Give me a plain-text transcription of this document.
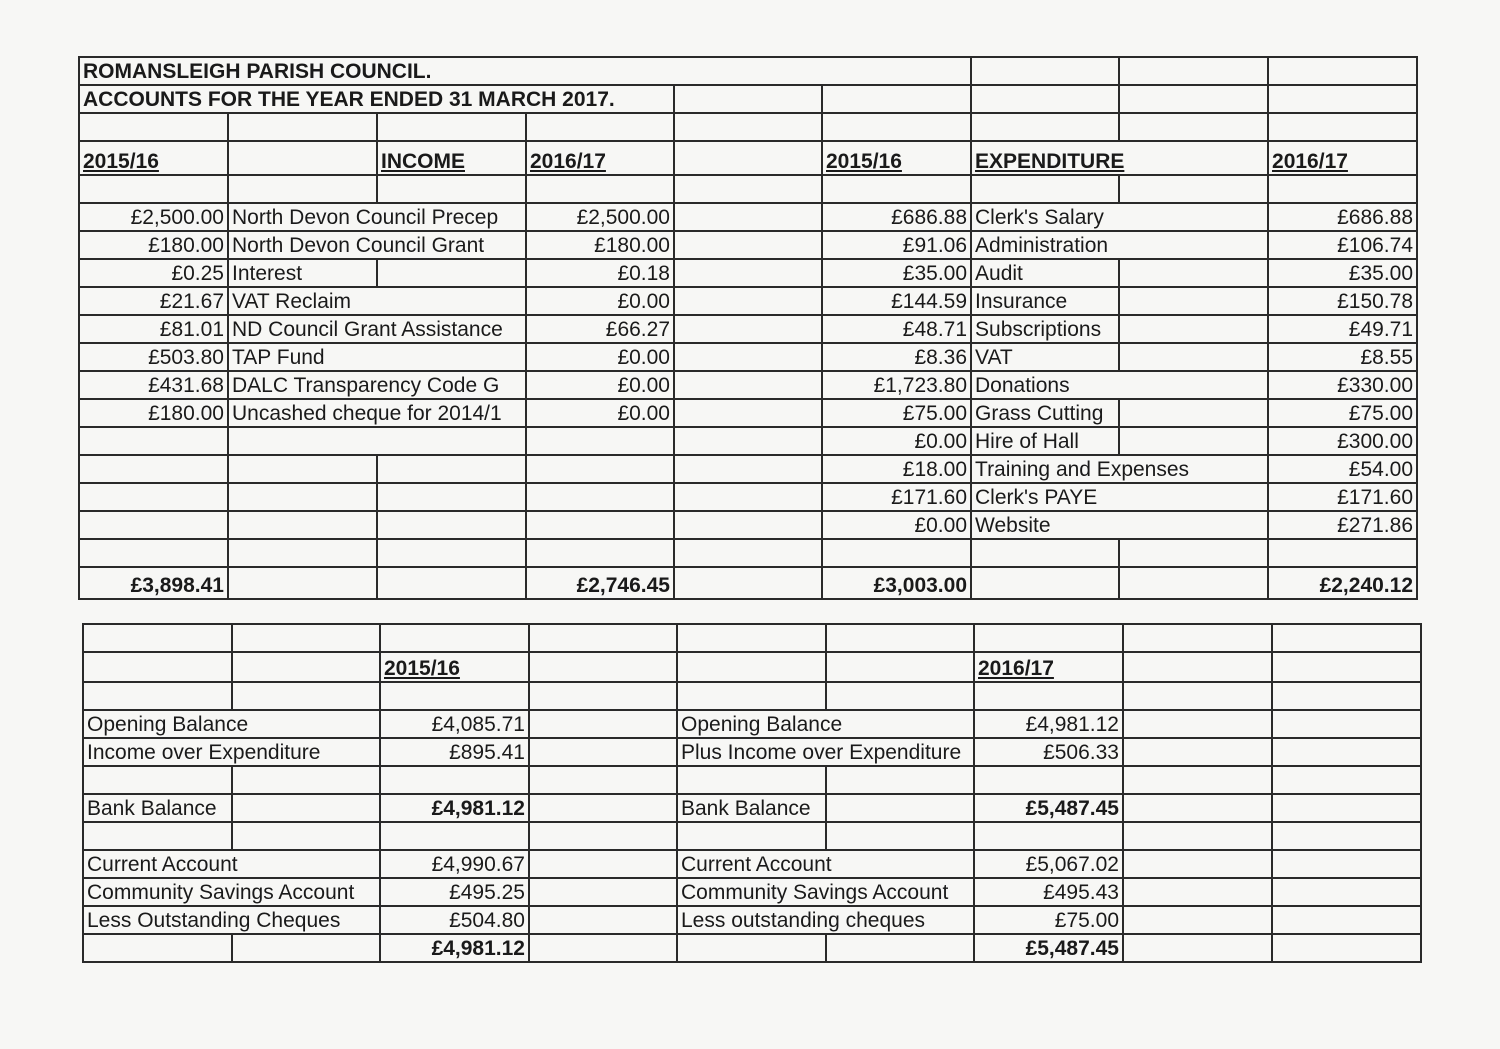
ROMANSLEIGH PARISH COUNCIL.								
ACCOUNTS FOR THE YEAR ENDED 31 MARCH 2017.								

2015/16		INCOME	2016/17		2015/16	EXPENDITURE		2016/17

£2,500.00	North Devon Council Precep		£2,500.00		£686.88	Clerk's Salary		£686.88
£180.00	North Devon Council Grant		£180.00		£91.06	Administration		£106.74
£0.25	Interest		£0.18		£35.00	Audit		£35.00
£21.67	VAT Reclaim		£0.00		£144.59	Insurance		£150.78
£81.01	ND Council Grant Assistance		£66.27		£48.71	Subscriptions		£49.71
£503.80	TAP Fund		£0.00		£8.36	VAT		£8.55
£431.68	DALC Transparency Code G		£0.00		£1,723.80	Donations		£330.00
£180.00	Uncashed cheque for 2014/1		£0.00		£75.00	Grass Cutting		£75.00
					£0.00	Hire of Hall		£300.00
					£18.00	Training and Expenses		£54.00
					£171.60	Clerk's PAYE		£171.60
					£0.00	Website		£271.86

£3,898.41			£2,746.45		£3,003.00			£2,240.12

		2015/16				2016/17		

Opening Balance		£4,085.71		Opening Balance		£4,981.12		
Income over Expenditure		£895.41		Plus Income over Expenditure		£506.33		

Bank Balance		£4,981.12		Bank Balance		£5,487.45		

Current Account		£4,990.67		Current Account		£5,067.02		
Community Savings Account		£495.25		Community Savings Account		£495.43		
Less Outstanding Cheques		£504.80		Less outstanding cheques		£75.00		
		£4,981.12				£5,487.45		
